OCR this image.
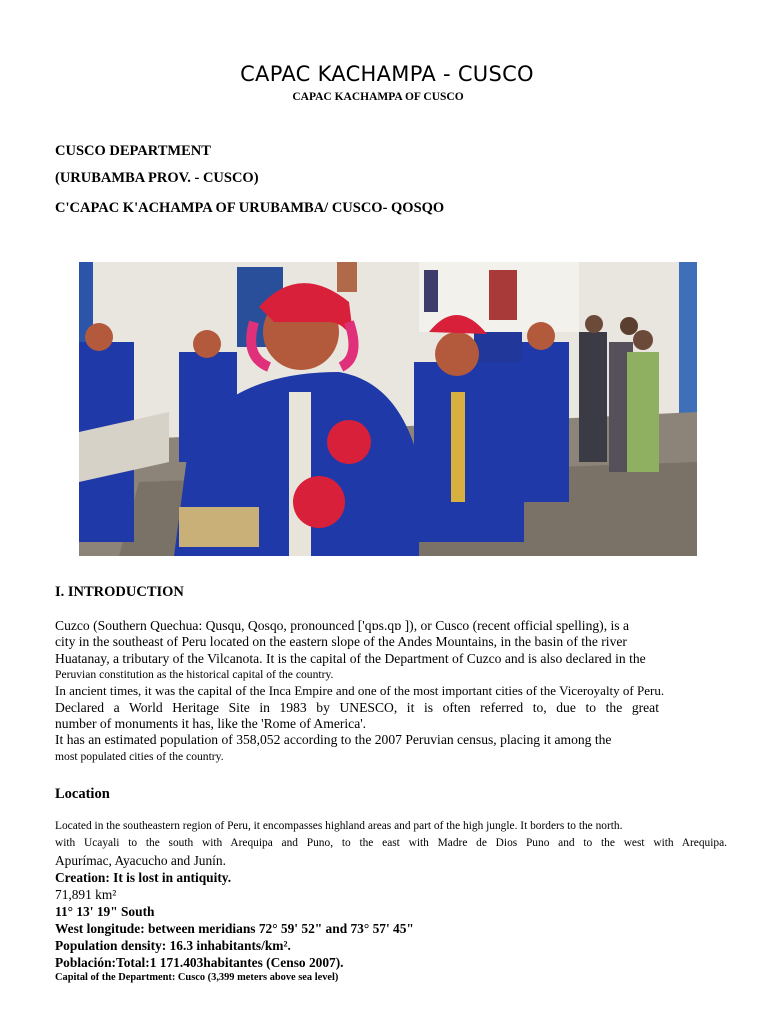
CAPAC KACHAMPA - CUSCO
CAPAC KACHAMPA OF CUSCO
CUSCO DEPARTMENT
(URUBAMBA PROV. - CUSCO)
C'CAPAC K'ACHAMPA OF URUBAMBA/ CUSCO- QOSQO
I. INTRODUCTION

Cuzco (Southern Quechua: Qusqu, Qosqo, pronounced ['qɒs.qɒ ]), or Cusco (recent official spelling), is a

city in the southeast of Peru located on the eastern slope of the Andes Mountains, in the basin of the river

Huatanay, a tributary of the Vilcanota. It is the capital of the Department of Cuzco and is also declared in the

Peruvian constitution as the historical capital of the country.

In ancient times, it was the capital of the Inca Empire and one of the most important cities of the Viceroyalty of Peru.

Declared a World Heritage Site in 1983 by UNESCO, it is often referred to, due to the great

number of monuments it has, like the 'Rome of America'.

It has an estimated population of 358,052 according to the 2007 Peruvian census, placing it among the

most populated cities of the country.

Location

Located in the southeastern region of Peru, it encompasses highland areas and part of the high jungle. It borders to the north.

with Ucayali to the south with Arequipa and Puno, to the east with Madre de Dios Puno and to the west with Arequipa.

Apurímac, Ayacucho and Junín.
Creation: It is lost in antiquity.
71,891 km²
11° 13' 19" South
West longitude: between meridians 72° 59' 52" and 73° 57' 45"
Population density: 16.3 inhabitants/km².
Población:Total:1 171.403habitantes (Censo 2007).
Capital of the Department: Cusco (3,399 meters above sea level)
